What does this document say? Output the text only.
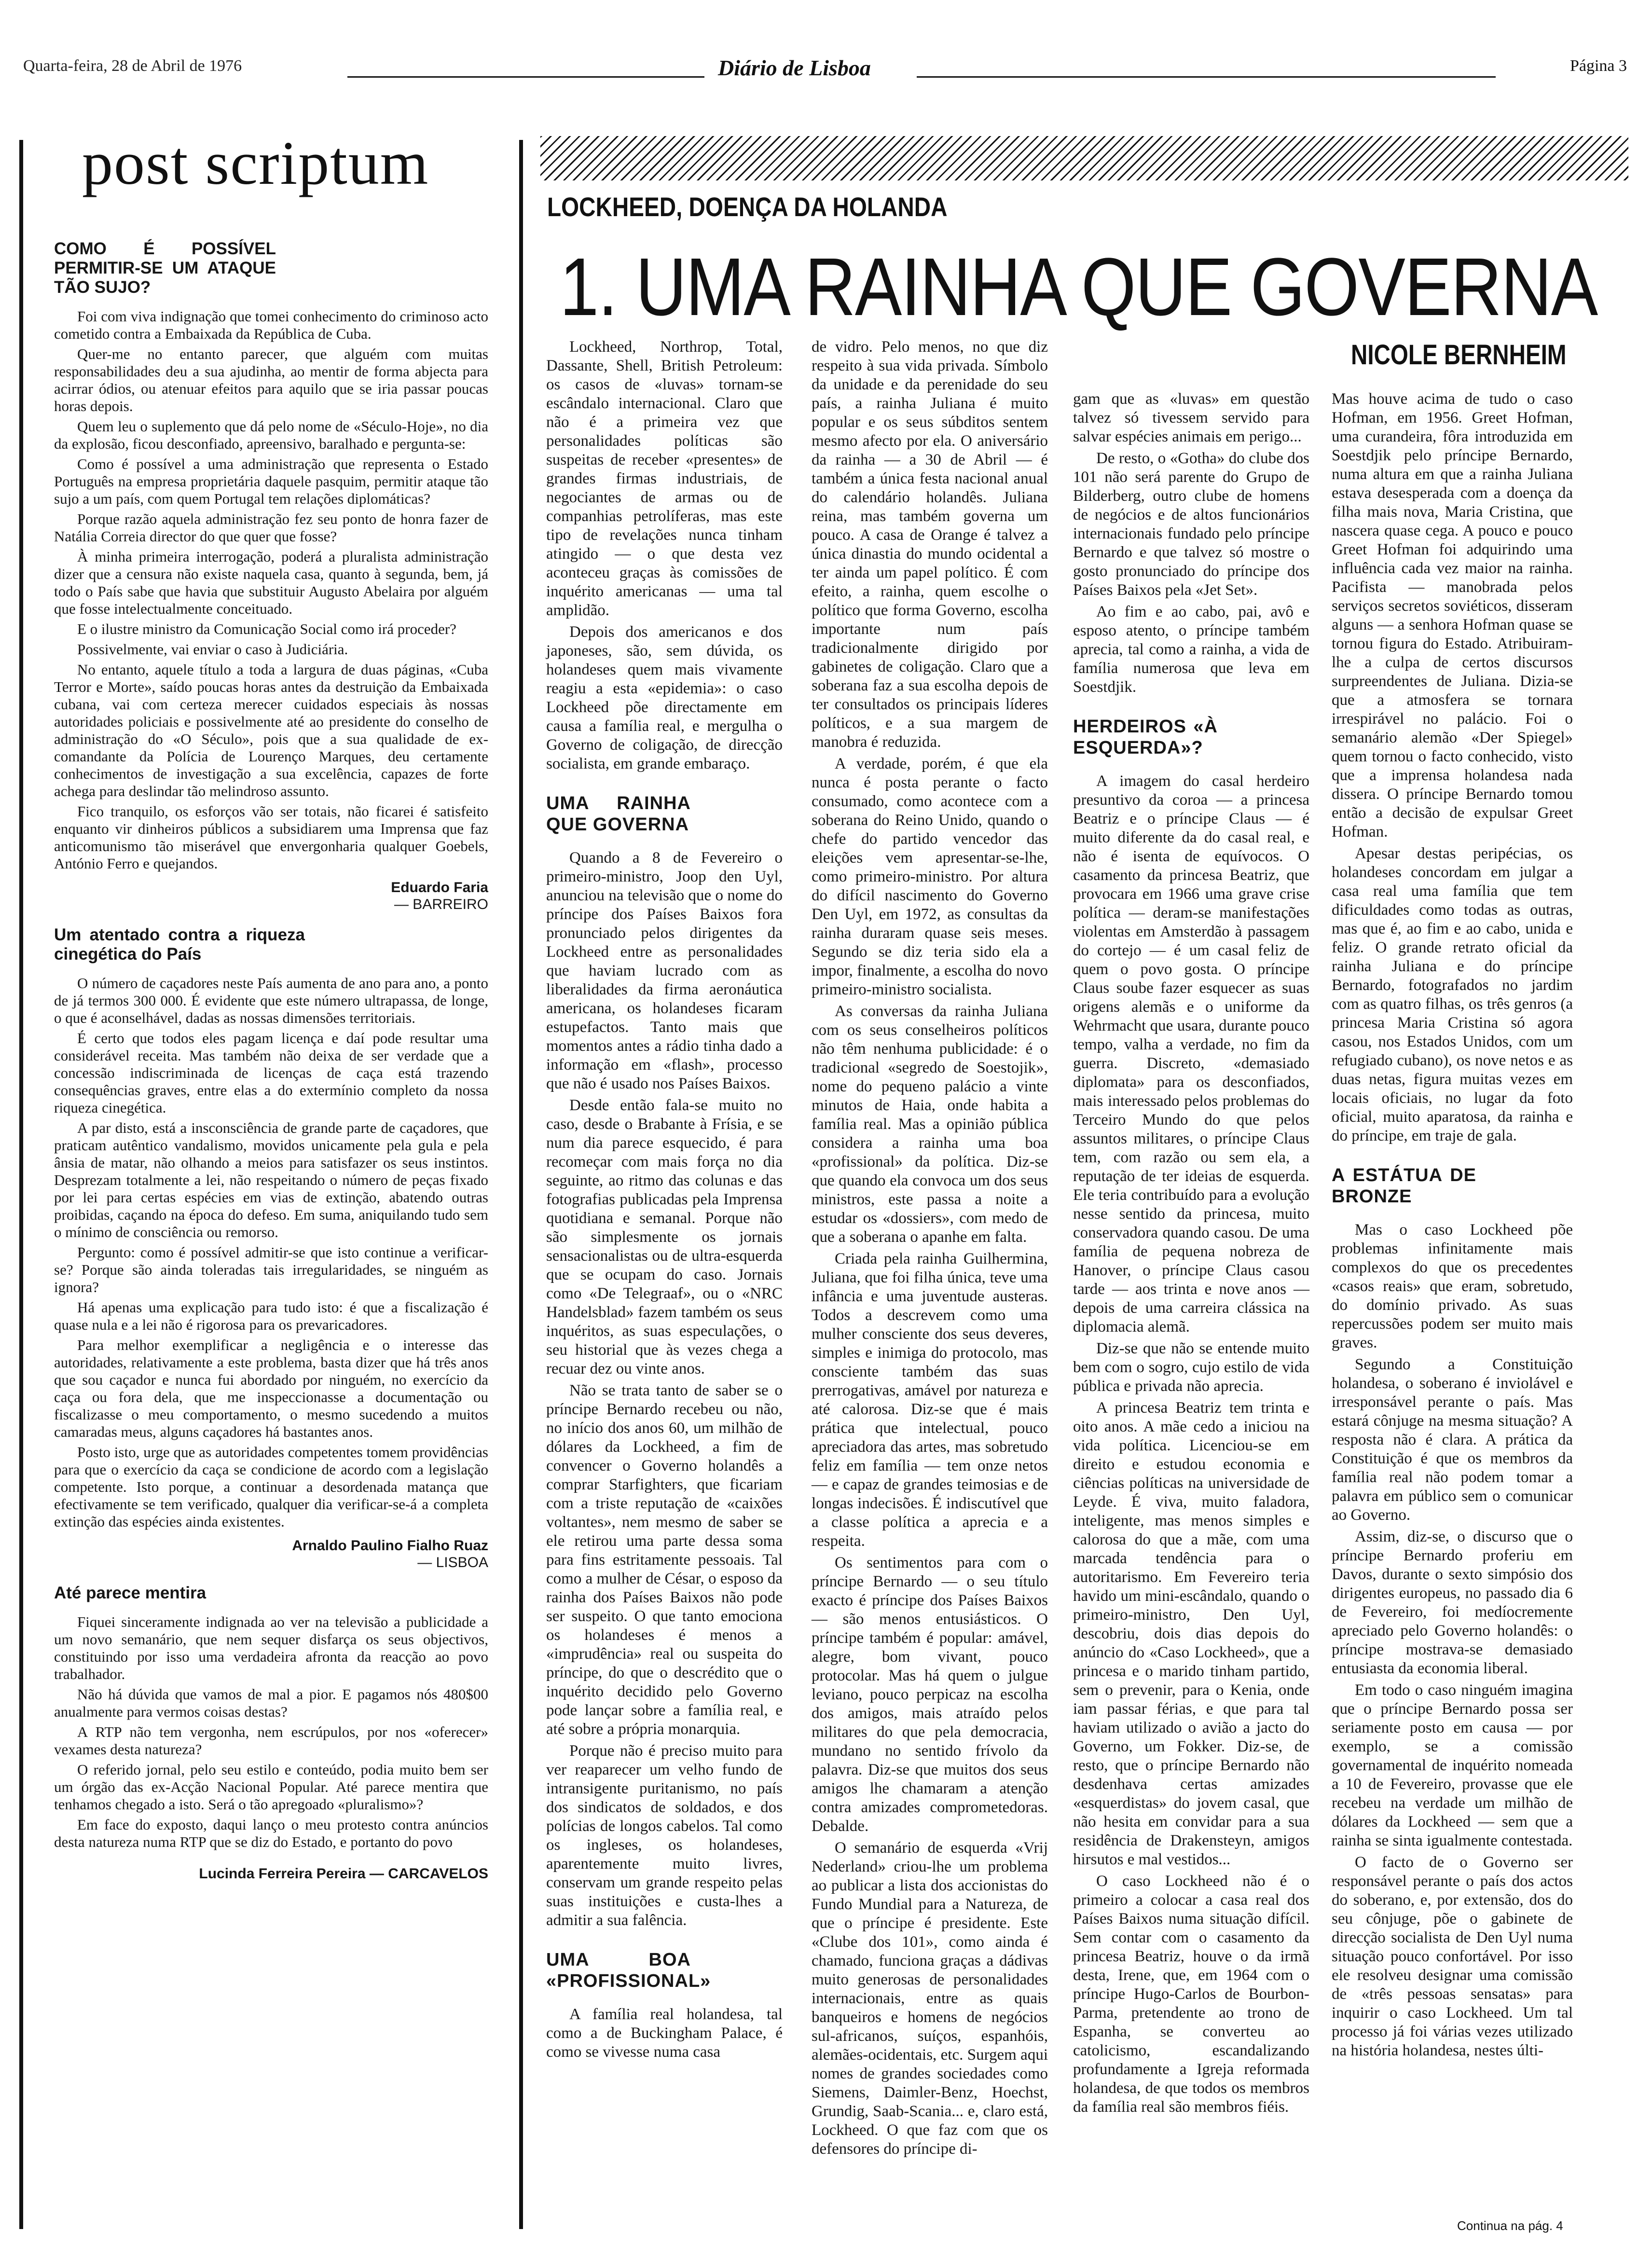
Quarta-feira, 28 de Abril de 1976	Diário de Lisboa	Página 3
post scriptum
COMO É POSSÍVEL PERMITIR-SE UM ATAQUE TÃO SUJO?

Foi com viva indignação que tomei conhecimento do criminoso acto cometido contra a Embaixada da República de Cuba.

Quer-me no entanto parecer, que alguém com muitas responsabilidades deu a sua ajudinha, ao mentir de forma abjecta para acirrar ódios, ou atenuar efeitos para aquilo que se iria passar poucas horas depois.

Quem leu o suplemento que dá pelo nome de «Século-Hoje», no dia da explosão, ficou desconfiado, apreensivo, baralhado e pergunta-se:

Como é possível a uma administração que representa o Estado Português na empresa proprietária daquele pasquim, permitir ataque tão sujo a um país, com quem Portugal tem relações diplomáticas?

Porque razão aquela administração fez seu ponto de honra fazer de Natália Correia director do que quer que fosse?

À minha primeira interrogação, poderá a pluralista administração dizer que a censura não existe naquela casa, quanto à segunda, bem, já todo o País sabe que havia que substituir Augusto Abelaira por alguém que fosse intelectualmente conceituado.

E o ilustre ministro da Comunicação Social como irá proceder?

Possivelmente, vai enviar o caso à Judiciária.

No entanto, aquele título a toda a largura de duas páginas, «Cuba Terror e Morte», saído poucas horas antes da destruição da Embaixada cubana, vai com certeza merecer cuidados especiais às nossas autoridades policiais e possivelmente até ao presidente do conselho de administração do «O Século», pois que a sua qualidade de ex-comandante da Polícia de Lourenço Marques, deu certamente conhecimentos de investigação a sua excelência, capazes de forte achega para deslindar tão melindroso assunto.

Fico tranquilo, os esforços vão ser totais, não ficarei é satisfeito enquanto vir dinheiros públicos a subsidiarem uma Imprensa que faz anticomunismo tão miserável que envergonharia qualquer Goebels, António Ferro e quejandos.

Eduardo Faria
— BARREIRO
Um atentado contra a riqueza cinegética do País

O número de caçadores neste País aumenta de ano para ano, a ponto de já termos 300 000. É evidente que este número ultrapassa, de longe, o que é aconselhável, dadas as nossas dimensões territoriais.

É certo que todos eles pagam licença e daí pode resultar uma considerável receita. Mas também não deixa de ser verdade que a concessão indiscriminada de licenças de caça está trazendo consequências graves, entre elas a do extermínio completo da nossa riqueza cinegética.

A par disto, está a insconsciência de grande parte de caçadores, que praticam autêntico vandalismo, movidos unicamente pela gula e pela ânsia de matar, não olhando a meios para satisfazer os seus instintos. Desprezam totalmente a lei, não respeitando o número de peças fixado por lei para certas espécies em vias de extinção, abatendo outras proibidas, caçando na época do defeso. Em suma, aniquilando tudo sem o mínimo de consciência ou remorso.

Pergunto: como é possível admitir-se que isto continue a verificar-se? Porque são ainda toleradas tais irregularidades, se ninguém as ignora?

Há apenas uma explicação para tudo isto: é que a fiscalização é quase nula e a lei não é rigorosa para os prevaricadores.

Para melhor exemplificar a negligência e o interesse das autoridades, relativamente a este problema, basta dizer que há três anos que sou caçador e nunca fui abordado por ninguém, no exercício da caça ou fora dela, que me inspeccionasse a documentação ou fiscalizasse o meu comportamento, o mesmo sucedendo a muitos camaradas meus, alguns caçadores há bastantes anos.

Posto isto, urge que as autoridades competentes tomem providências para que o exercício da caça se condicione de acordo com a legislação competente. Isto porque, a continuar a desordenada matança que efectivamente se tem verificado, qualquer dia verificar-se-á a completa extinção das espécies ainda existentes.

Arnaldo Paulino Fialho Ruaz
— LISBOA
Até parece mentira

Fiquei sinceramente indignada ao ver na televisão a publicidade a um novo semanário, que nem sequer disfarça os seus objectivos, constituindo por isso uma verdadeira afronta da reacção ao povo trabalhador.

Não há dúvida que vamos de mal a pior. E pagamos nós 480$00 anualmente para vermos coisas destas?

A RTP não tem vergonha, nem escrúpulos, por nos «oferecer» vexames desta natureza?

O referido jornal, pelo seu estilo e conteúdo, podia muito bem ser um órgão das ex-Acção Nacional Popular. Até parece mentira que tenhamos chegado a isto. Será o tão apregoado «pluralismo»?

Em face do exposto, daqui lanço o meu protesto contra anúncios desta natureza numa RTP que se diz do Estado, e portanto do povo

Lucinda Ferreira Pereira — CARCAVELOS
LOCKHEED, DOENÇA DA HOLANDA
1. UMA RAINHA QUE GOVERNA
NICOLE BERNHEIM

Lockheed, Northrop, Total, Dassante, Shell, British Petroleum: os casos de «luvas» tornam-se escândalo internacional. Claro que não é a primeira vez que personalidades políticas são suspeitas de receber «presentes» de grandes firmas industriais, de negociantes de armas ou de companhias petrolíferas, mas este tipo de revelações nunca tinham atingido — o que desta vez aconteceu graças às comissões de inquérito americanas — uma tal amplidão.

Depois dos americanos e dos japoneses, são, sem dúvida, os holandeses quem mais vivamente reagiu a esta «epidemia»: o caso Lockheed põe directamente em causa a família real, e mergulha o Governo de coligação, de direcção socialista, em grande embaraço.

UMA RAINHA QUE GOVERNA

Quando a 8 de Fevereiro o primeiro-ministro, Joop den Uyl, anunciou na televisão que o nome do príncipe dos Países Baixos fora pronunciado pelos dirigentes da Lockheed entre as personalidades que haviam lucrado com as liberalidades da firma aeronáutica americana, os holandeses ficaram estupefactos. Tanto mais que momentos antes a rádio tinha dado a informação em «flash», processo que não é usado nos Países Baixos.

Desde então fala-se muito no caso, desde o Brabante à Frísia, e se num dia parece esquecido, é para recomeçar com mais força no dia seguinte, ao ritmo das colunas e das fotografias publicadas pela Imprensa quotidiana e semanal. Porque não são simplesmente os jornais sensacionalistas ou de ultra-esquerda que se ocupam do caso. Jornais como «De Telegraaf», ou o «NRC Handelsblad» fazem também os seus inquéritos, as suas especulações, o seu historial que às vezes chega a recuar dez ou vinte anos.

Não se trata tanto de saber se o príncipe Bernardo recebeu ou não, no início dos anos 60, um milhão de dólares da Lockheed, a fim de convencer o Governo holandês a comprar Starfighters, que ficariam com a triste reputação de «caixões voltantes», nem mesmo de saber se ele retirou uma parte dessa soma para fins estritamente pessoais. Tal como a mulher de César, o esposo da rainha dos Países Baixos não pode ser suspeito. O que tanto emociona os holandeses é menos a «imprudência» real ou suspeita do príncipe, do que o descrédito que o inquérito decidido pelo Governo pode lançar sobre a família real, e até sobre a própria monarquia.

Porque não é preciso muito para ver reaparecer um velho fundo de intransigente puritanismo, no país dos sindicatos de soldados, e dos polícias de longos cabelos. Tal como os ingleses, os holandeses, aparentemente muito livres, conservam um grande respeito pelas suas instituições e custa-lhes a admitir a sua falência.

UMA BOA «PROFISSIONAL»

A família real holandesa, tal como a de Buckingham Palace, é como se vivesse numa casa

de vidro. Pelo menos, no que diz respeito à sua vida privada. Símbolo da unidade e da perenidade do seu país, a rainha Juliana é muito popular e os seus súbditos sentem mesmo afecto por ela. O aniversário da rainha — a 30 de Abril — é também a única festa nacional anual do calendário holandês. Juliana reina, mas também governa um pouco. A casa de Orange é talvez a única dinastia do mundo ocidental a ter ainda um papel político. É com efeito, a rainha, quem escolhe o político que forma Governo, escolha importante num país tradicionalmente dirigido por gabinetes de coligação. Claro que a soberana faz a sua escolha depois de ter consultados os principais líderes políticos, e a sua margem de manobra é reduzida.

A verdade, porém, é que ela nunca é posta perante o facto consumado, como acontece com a soberana do Reino Unido, quando o chefe do partido vencedor das eleições vem apresentar-se-lhe, como primeiro-ministro. Por altura do difícil nascimento do Governo Den Uyl, em 1972, as consultas da rainha duraram quase seis meses. Segundo se diz teria sido ela a impor, finalmente, a escolha do novo primeiro-ministro socialista.

As conversas da rainha Juliana com os seus conselheiros políticos não têm nenhuma publicidade: é o tradicional «segredo de Soestojik», nome do pequeno palácio a vinte minutos de Haia, onde habita a família real. Mas a opinião pública considera a rainha uma boa «profissional» da política. Diz-se que quando ela convoca um dos seus ministros, este passa a noite a estudar os «dossiers», com medo de que a soberana o apanhe em falta.

Criada pela rainha Guilhermina, Juliana, que foi filha única, teve uma infância e uma juventude austeras. Todos a descrevem como uma mulher consciente dos seus deveres, simples e inimiga do protocolo, mas consciente também das suas prerrogativas, amável por natureza e até calorosa. Diz-se que é mais prática que intelectual, pouco apreciadora das artes, mas sobretudo feliz em família — tem onze netos — e capaz de grandes teimosias e de longas indecisões. É indiscutível que a classe política a aprecia e a respeita.

Os sentimentos para com o príncipe Bernardo — o seu título exacto é príncipe dos Países Baixos — são menos entusiásticos. O príncipe também é popular: amável, alegre, bom vivant, pouco protocolar. Mas há quem o julgue leviano, pouco perpicaz na escolha dos amigos, mais atraído pelos militares do que pela democracia, mundano no sentido frívolo da palavra. Diz-se que muitos dos seus amigos lhe chamaram a atenção contra amizades comprometedoras. Debalde.

O semanário de esquerda «Vrij Nederland» criou-lhe um problema ao publicar a lista dos accionistas do Fundo Mundial para a Natureza, de que o príncipe é presidente. Este «Clube dos 101», como ainda é chamado, funciona graças a dádivas muito generosas de personalidades internacionais, entre as quais banqueiros e homens de negócios sul-africanos, suíços, espanhóis, alemães-ocidentais, etc. Surgem aqui nomes de grandes sociedades como Siemens, Daimler-Benz, Hoechst, Grundig, Saab-Scania... e, claro está, Lockheed. O que faz com que os defensores do príncipe di-

gam que as «luvas» em questão talvez só tivessem servido para salvar espécies animais em perigo...

De resto, o «Gotha» do clube dos 101 não será parente do Grupo de Bilderberg, outro clube de homens de negócios e de altos funcionários internacionais fundado pelo príncipe Bernardo e que talvez só mostre o gosto pronunciado do príncipe dos Países Baixos pela «Jet Set».

Ao fim e ao cabo, pai, avô e esposo atento, o príncipe também aprecia, tal como a rainha, a vida de família numerosa que leva em Soestdjik.

HERDEIROS «À ESQUERDA»?

A imagem do casal herdeiro presuntivo da coroa — a princesa Beatriz e o príncipe Claus — é muito diferente da do casal real, e não é isenta de equívocos. O casamento da princesa Beatriz, que provocara em 1966 uma grave crise política — deram-se manifestações violentas em Amsterdão à passagem do cortejo — é um casal feliz de quem o povo gosta. O príncipe Claus soube fazer esquecer as suas origens alemãs e o uniforme da Wehrmacht que usara, durante pouco tempo, valha a verdade, no fim da guerra. Discreto, «demasiado diplomata» para os desconfiados, mais interessado pelos problemas do Terceiro Mundo do que pelos assuntos militares, o príncipe Claus tem, com razão ou sem ela, a reputação de ter ideias de esquerda. Ele teria contribuído para a evolução nesse sentido da princesa, muito conservadora quando casou. De uma família de pequena nobreza de Hanover, o príncipe Claus casou tarde — aos trinta e nove anos — depois de uma carreira clássica na diplomacia alemã.

Diz-se que não se entende muito bem com o sogro, cujo estilo de vida pública e privada não aprecia.

A princesa Beatriz tem trinta e oito anos. A mãe cedo a iniciou na vida política. Licenciou-se em direito e estudou economia e ciências políticas na universidade de Leyde. É viva, muito faladora, inteligente, mas menos simples e calorosa do que a mãe, com uma marcada tendência para o autoritarismo. Em Fevereiro teria havido um mini-escândalo, quando o primeiro-ministro, Den Uyl, descobriu, dois dias depois do anúncio do «Caso Lockheed», que a princesa e o marido tinham partido, sem o prevenir, para o Kenia, onde iam passar férias, e que para tal haviam utilizado o avião a jacto do Governo, um Fokker. Diz-se, de resto, que o príncipe Bernardo não desdenhava certas amizades «esquerdistas» do jovem casal, que não hesita em convidar para a sua residência de Drakensteyn, amigos hirsutos e mal vestidos...

O caso Lockheed não é o primeiro a colocar a casa real dos Países Baixos numa situação difícil. Sem contar com o casamento da princesa Beatriz, houve o da irmã desta, Irene, que, em 1964 com o príncipe Hugo-Carlos de Bourbon-Parma, pretendente ao trono de Espanha, se converteu ao catolicismo, escandalizando profundamente a Igreja reformada holandesa, de que todos os membros da família real são membros fiéis.

Mas houve acima de tudo o caso Hofman, em 1956. Greet Hofman, uma curandeira, fôra introduzida em Soestdjik pelo príncipe Bernardo, numa altura em que a rainha Juliana estava desesperada com a doença da filha mais nova, Maria Cristina, que nascera quase cega. A pouco e pouco Greet Hofman foi adquirindo uma influência cada vez maior na rainha. Pacifista — manobrada pelos serviços secretos soviéticos, disseram alguns — a senhora Hofman quase se tornou figura do Estado. Atribuiram-lhe a culpa de certos discursos surpreendentes de Juliana. Dizia-se que a atmosfera se tornara irrespirável no palácio. Foi o semanário alemão «Der Spiegel» quem tornou o facto conhecido, visto que a imprensa holandesa nada dissera. O príncipe Bernardo tomou então a decisão de expulsar Greet Hofman.

Apesar destas peripécias, os holandeses concordam em julgar a casa real uma família que tem dificuldades como todas as outras, mas que é, ao fim e ao cabo, unida e feliz. O grande retrato oficial da rainha Juliana e do príncipe Bernardo, fotografados no jardim com as quatro filhas, os três genros (a princesa Maria Cristina só agora casou, nos Estados Unidos, com um refugiado cubano), os nove netos e as duas netas, figura muitas vezes em locais oficiais, no lugar da foto oficial, muito aparatosa, da rainha e do príncipe, em traje de gala.

A ESTÁTUA DE BRONZE

Mas o caso Lockheed põe problemas infinitamente mais complexos do que os precedentes «casos reais» que eram, sobretudo, do domínio privado. As suas repercussões podem ser muito mais graves.

Segundo a Constituição holandesa, o soberano é inviolável e irresponsável perante o país. Mas estará cônjuge na mesma situação? A resposta não é clara. A prática da Constituição é que os membros da família real não podem tomar a palavra em público sem o comunicar ao Governo.

Assim, diz-se, o discurso que o príncipe Bernardo proferiu em Davos, durante o sexto simpósio dos dirigentes europeus, no passado dia 6 de Fevereiro, foi medíocremente apreciado pelo Governo holandês: o príncipe mostrava-se demasiado entusiasta da economia liberal.

Em todo o caso ninguém imagina que o príncipe Bernardo possa ser seriamente posto em causa — por exemplo, se a comissão governamental de inquérito nomeada a 10 de Fevereiro, provasse que ele recebeu na verdade um milhão de dólares da Lockheed — sem que a rainha se sinta igualmente contestada.

O facto de o Governo ser responsável perante o país dos actos do soberano, e, por extensão, dos do seu cônjuge, põe o gabinete de direcção socialista de Den Uyl numa situação pouco confortável. Por isso ele resolveu designar uma comissão de «três pessoas sensatas» para inquirir o caso Lockheed. Um tal processo já foi várias vezes utilizado na história holandesa, nestes últi-

Continua na pág. 4
